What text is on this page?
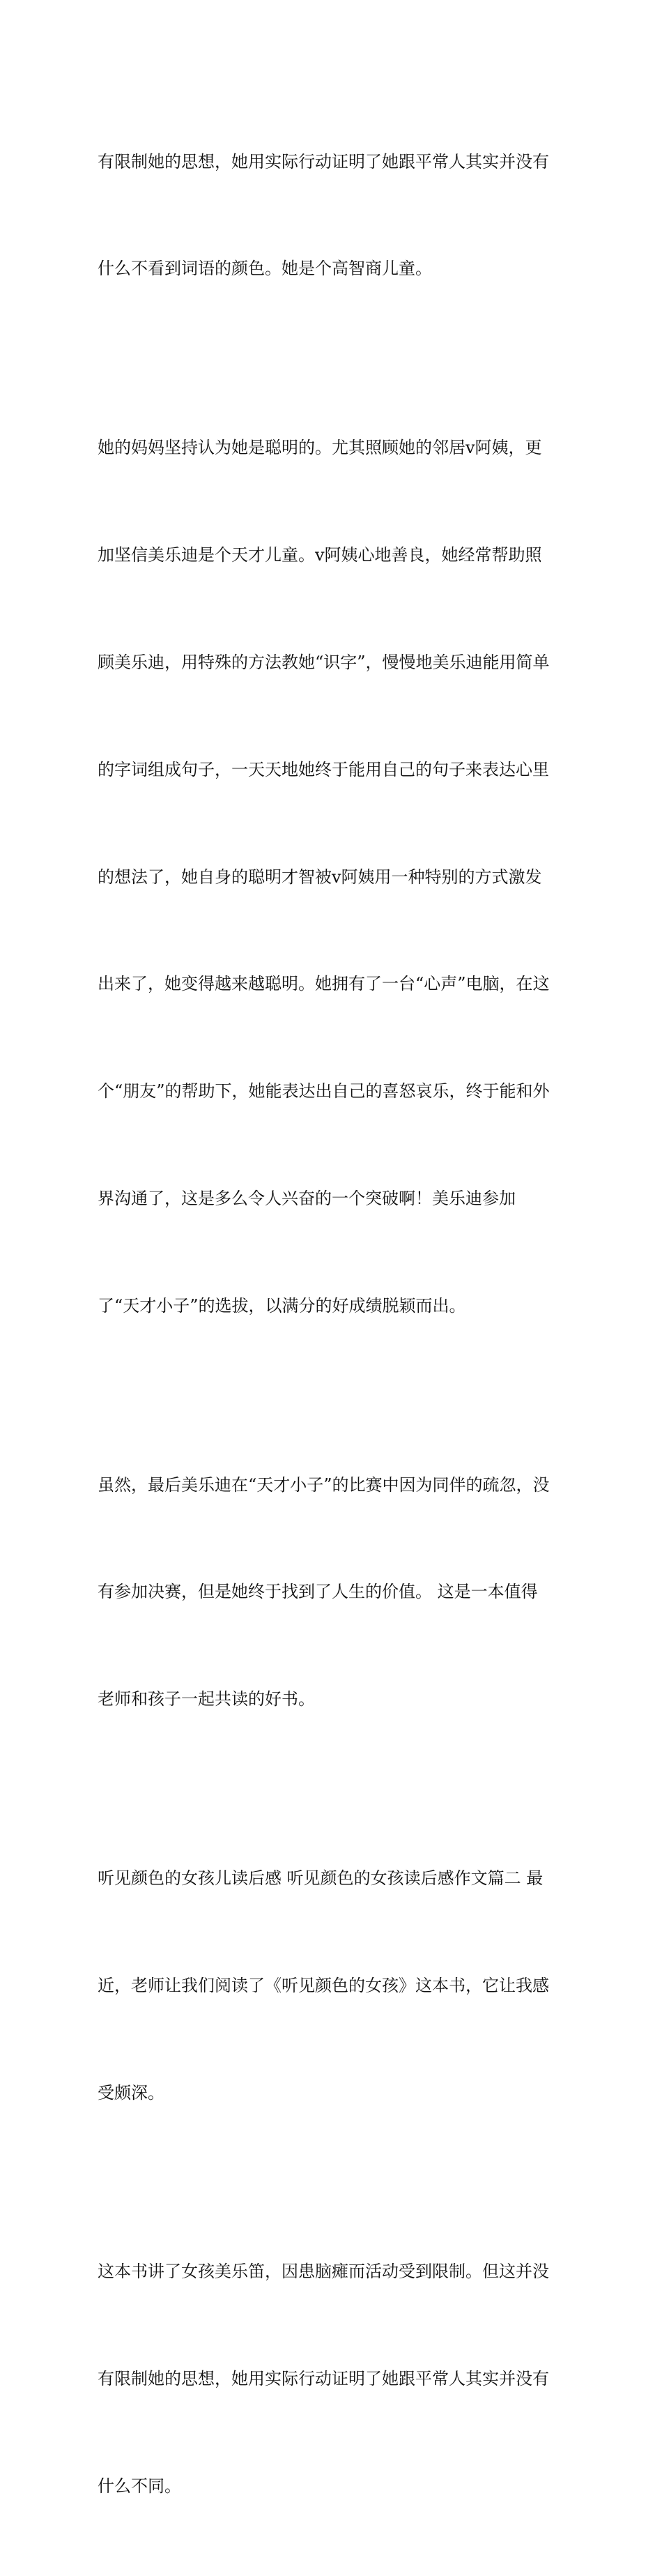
有限制她的思想，她用实际行动证明了她跟平常人其实并没有

什么不看到词语的颜色。她是个高智商儿童。

她的妈妈坚持认为她是聪明的。尤其照顾她的邻居v阿姨，更

加坚信美乐迪是个天才儿童。v阿姨心地善良，她经常帮助照

顾美乐迪，用特殊的方法教她“识字”，慢慢地美乐迪能用简单

的字词组成句子，一天天地她终于能用自己的句子来表达心里

的想法了，她自身的聪明才智被v阿姨用一种特别的方式激发

出来了，她变得越来越聪明。她拥有了一台“心声”电脑，在这

个“朋友”的帮助下，她能表达出自己的喜怒哀乐，终于能和外

界沟通了，这是多么令人兴奋的一个突破啊！美乐迪参加

了“天才小子”的选拔，以满分的好成绩脱颖而出。

虽然，最后美乐迪在“天才小子”的比赛中因为同伴的疏忽，没

有参加决赛，但是她终于找到了人生的价值。 这是一本值得

老师和孩子一起共读的好书。

听见颜色的女孩儿读后感 听见颜色的女孩读后感作文篇二 最

近，老师让我们阅读了《听见颜色的女孩》这本书，它让我感

受颇深。

这本书讲了女孩美乐笛，因患脑瘫而活动受到限制。但这并没

有限制她的思想，她用实际行动证明了她跟平常人其实并没有

什么不同。
